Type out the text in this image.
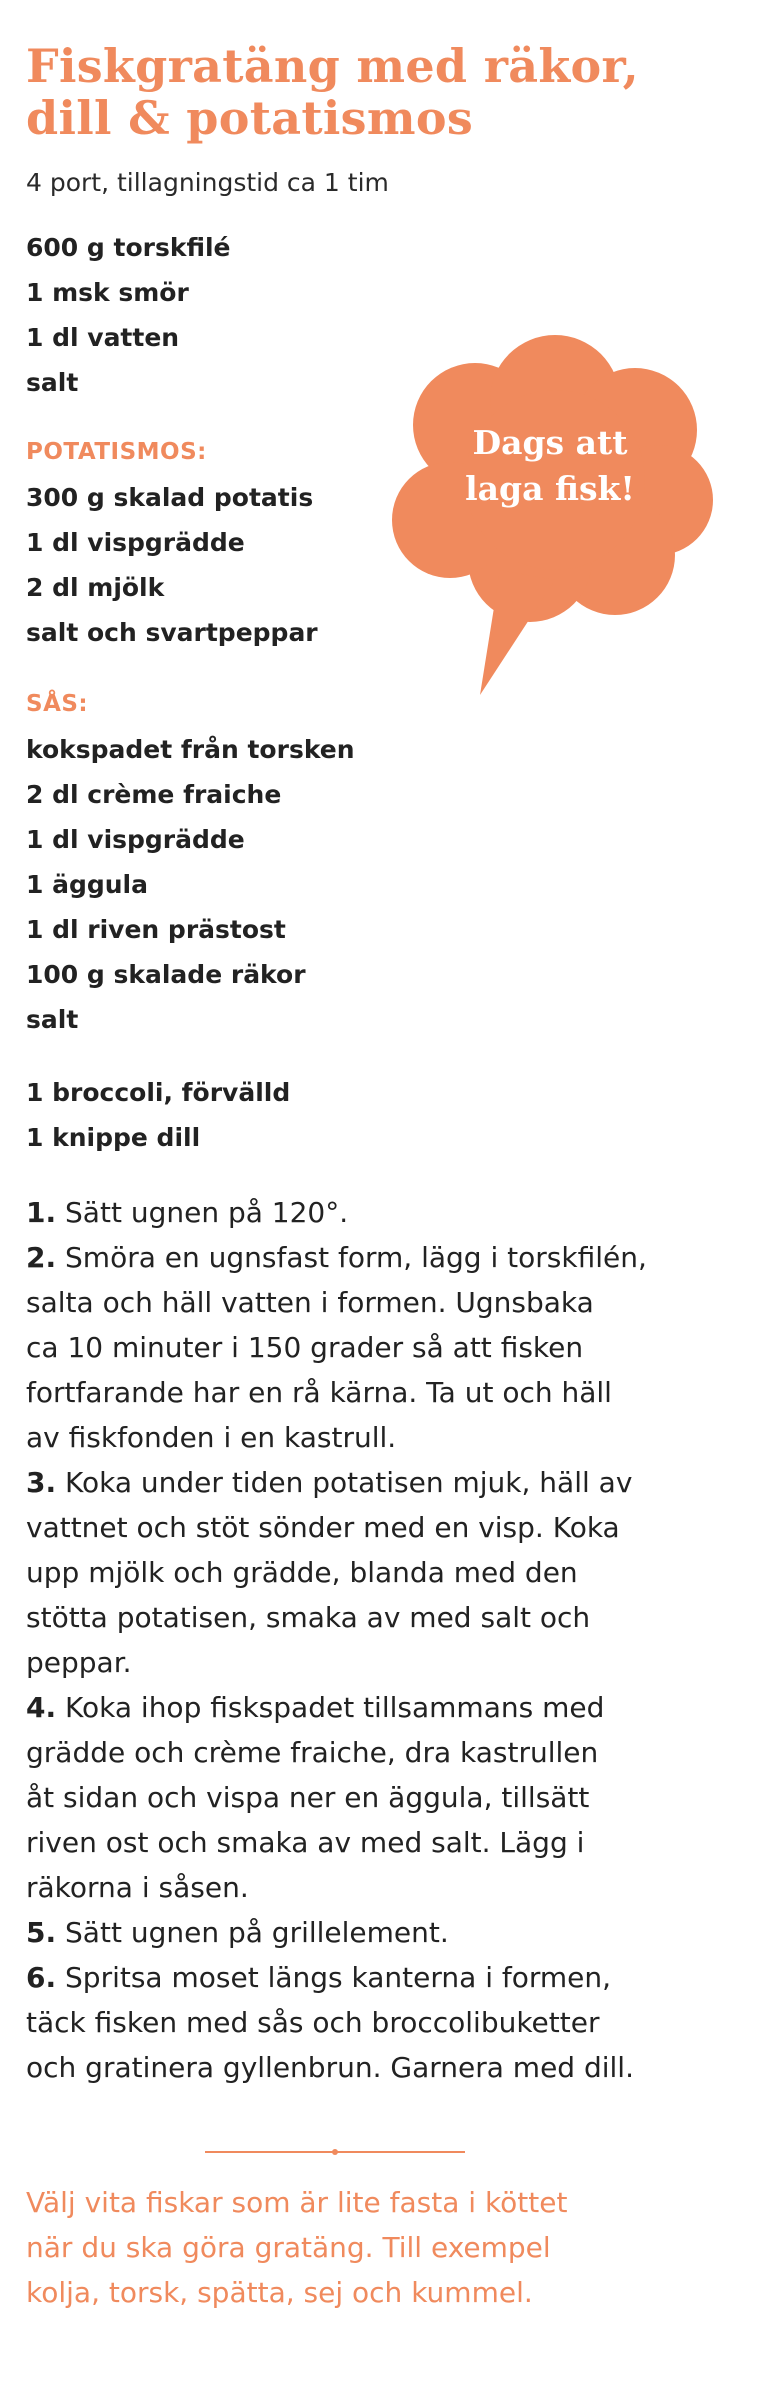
Fiskgratäng med räkor,
dill & potatismos
4 port, tillagningstid ca 1 tim
600 g torskfilé
1 msk smör
1 dl vatten
salt
POTATISMOS:
300 g skalad potatis
1 dl vispgrädde
2 dl mjölk
salt och svartpeppar
SÅS:
kokspadet från torsken
2 dl crème fraiche
1 dl vispgrädde
1 äggula
1 dl riven prästost
100 g skalade räkor
salt
1 broccoli, förvälld
1 knippe dill
Dags att
laga fisk!
1. Sätt ugnen på 120°.
2. Smöra en ugnsfast form, lägg i torskfilén,
salta och häll vatten i formen. Ugnsbaka
ca 10 minuter i 150 grader så att fisken
fortfarande har en rå kärna. Ta ut och häll
av fiskfonden i en kastrull.
3. Koka under tiden potatisen mjuk, häll av
vattnet och stöt sönder med en visp. Koka
upp mjölk och grädde, blanda med den
stötta potatisen, smaka av med salt och
peppar.
4. Koka ihop fiskspadet tillsammans med
grädde och crème fraiche, dra kastrullen
åt sidan och vispa ner en äggula, tillsätt
riven ost och smaka av med salt. Lägg i
räkorna i såsen.
5. Sätt ugnen på grillelement.
6. Spritsa moset längs kanterna i formen,
täck fisken med sås och broccolibuketter
och gratinera gyllenbrun. Garnera med dill.
Välj vita fiskar som är lite fasta i köttet
när du ska göra gratäng. Till exempel
kolja, torsk, spätta, sej och kummel.
